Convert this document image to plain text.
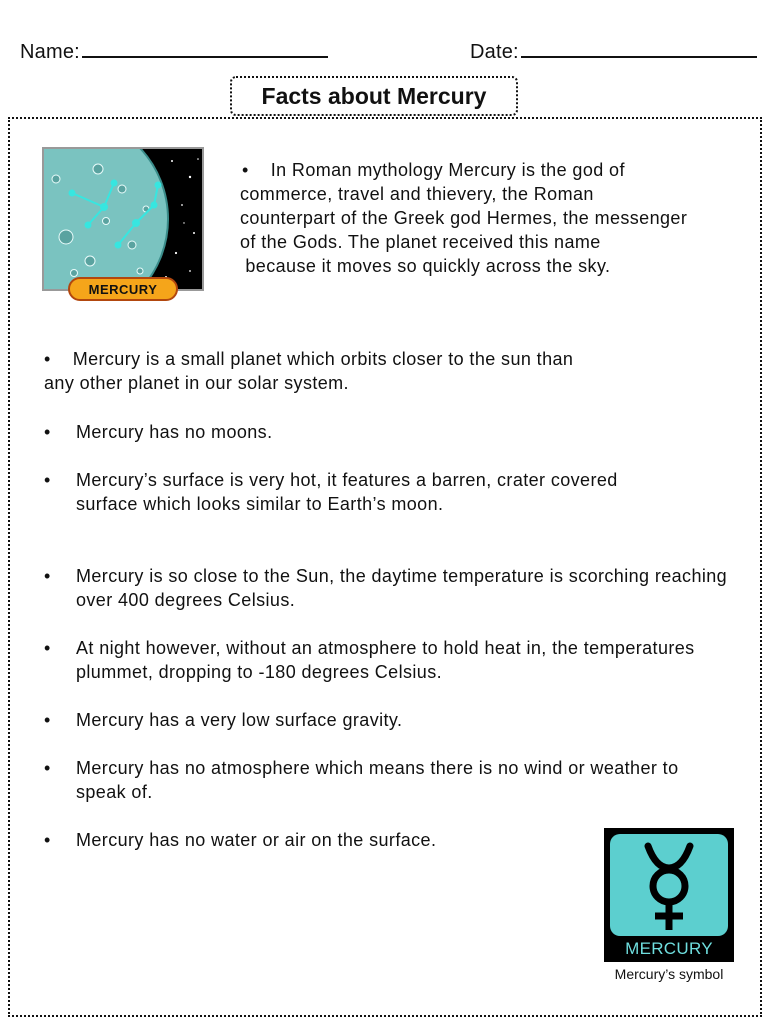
Name:	Date:
Facts about Mercury
MERCURY

• In Roman mythology Mercury is the god of
commerce, travel and thievery, the Roman
counterpart of the Greek god Hermes, the messenger
of the Gods. The planet received this name
because it moves so quickly across the sky.

• Mercury is a small planet which orbits closer to the sun than
any other planet in our solar system.

• Mercury has no moons.
• Mercury’s surface is very hot, it features a barren, crater covered surface which looks similar to Earth’s moon.
• Mercury is so close to the Sun, the daytime temperature is scorching reaching over 400 degrees Celsius.
• At night however, without an atmosphere to hold heat in, the temperatures plummet, dropping to -180 degrees Celsius.
• Mercury has a very low surface gravity.
• Mercury has no atmosphere which means there is no wind or weather to speak of.
• Mercury has no water or air on the surface.
MERCURY
Mercury’s symbol
